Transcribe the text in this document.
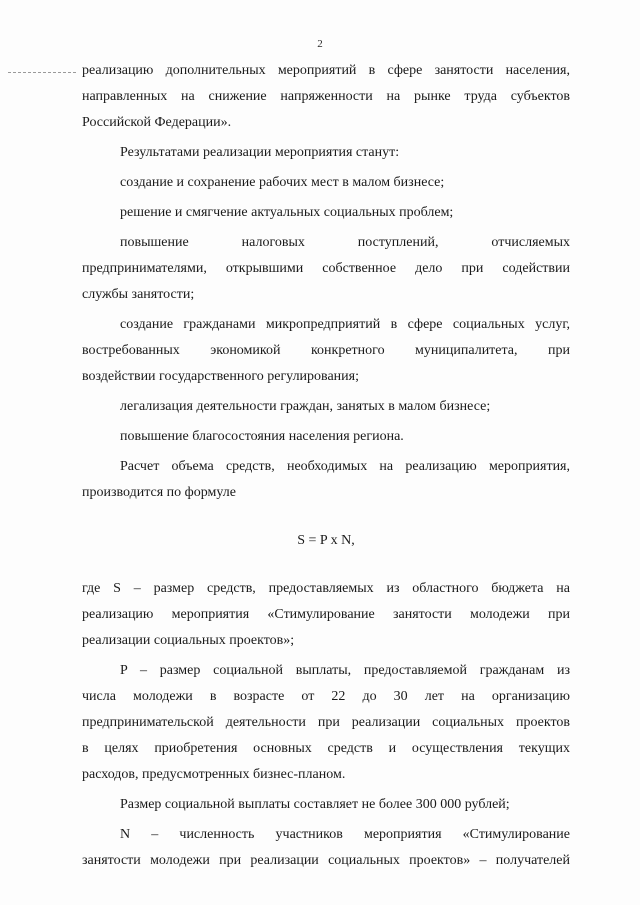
2
реализацию дополнительных мероприятий в сфере занятости населения,
направленных на снижение напряженности на рынке труда субъектов
Российской Федерации».
Результатами реализации мероприятия станут:
создание и сохранение рабочих мест в малом бизнесе;
решение и смягчение актуальных социальных проблем;
повышение налоговых поступлений, отчисляемых
предпринимателями, открывшими собственное дело при содействии
службы занятости;
создание гражданами микропредприятий в сфере социальных услуг,
востребованных экономикой конкретного муниципалитета, при
воздействии государственного регулирования;
легализация деятельности граждан, занятых в малом бизнесе;
повышение благосостояния населения региона.
Расчет объема средств, необходимых на реализацию мероприятия,
производится по формуле
S = P x N,
где S – размер средств, предоставляемых из областного бюджета на
реализацию мероприятия «Стимулирование занятости молодежи при
реализации социальных проектов»;
P – размер социальной выплаты, предоставляемой гражданам из
числа молодежи в возрасте от 22 до 30 лет на организацию
предпринимательской деятельности при реализации социальных проектов
в целях приобретения основных средств и осуществления текущих
расходов, предусмотренных бизнес-планом.
Размер социальной выплаты составляет не более 300 000 рублей;
N – численность участников мероприятия «Стимулирование
занятости молодежи при реализации социальных проектов» – получателей
